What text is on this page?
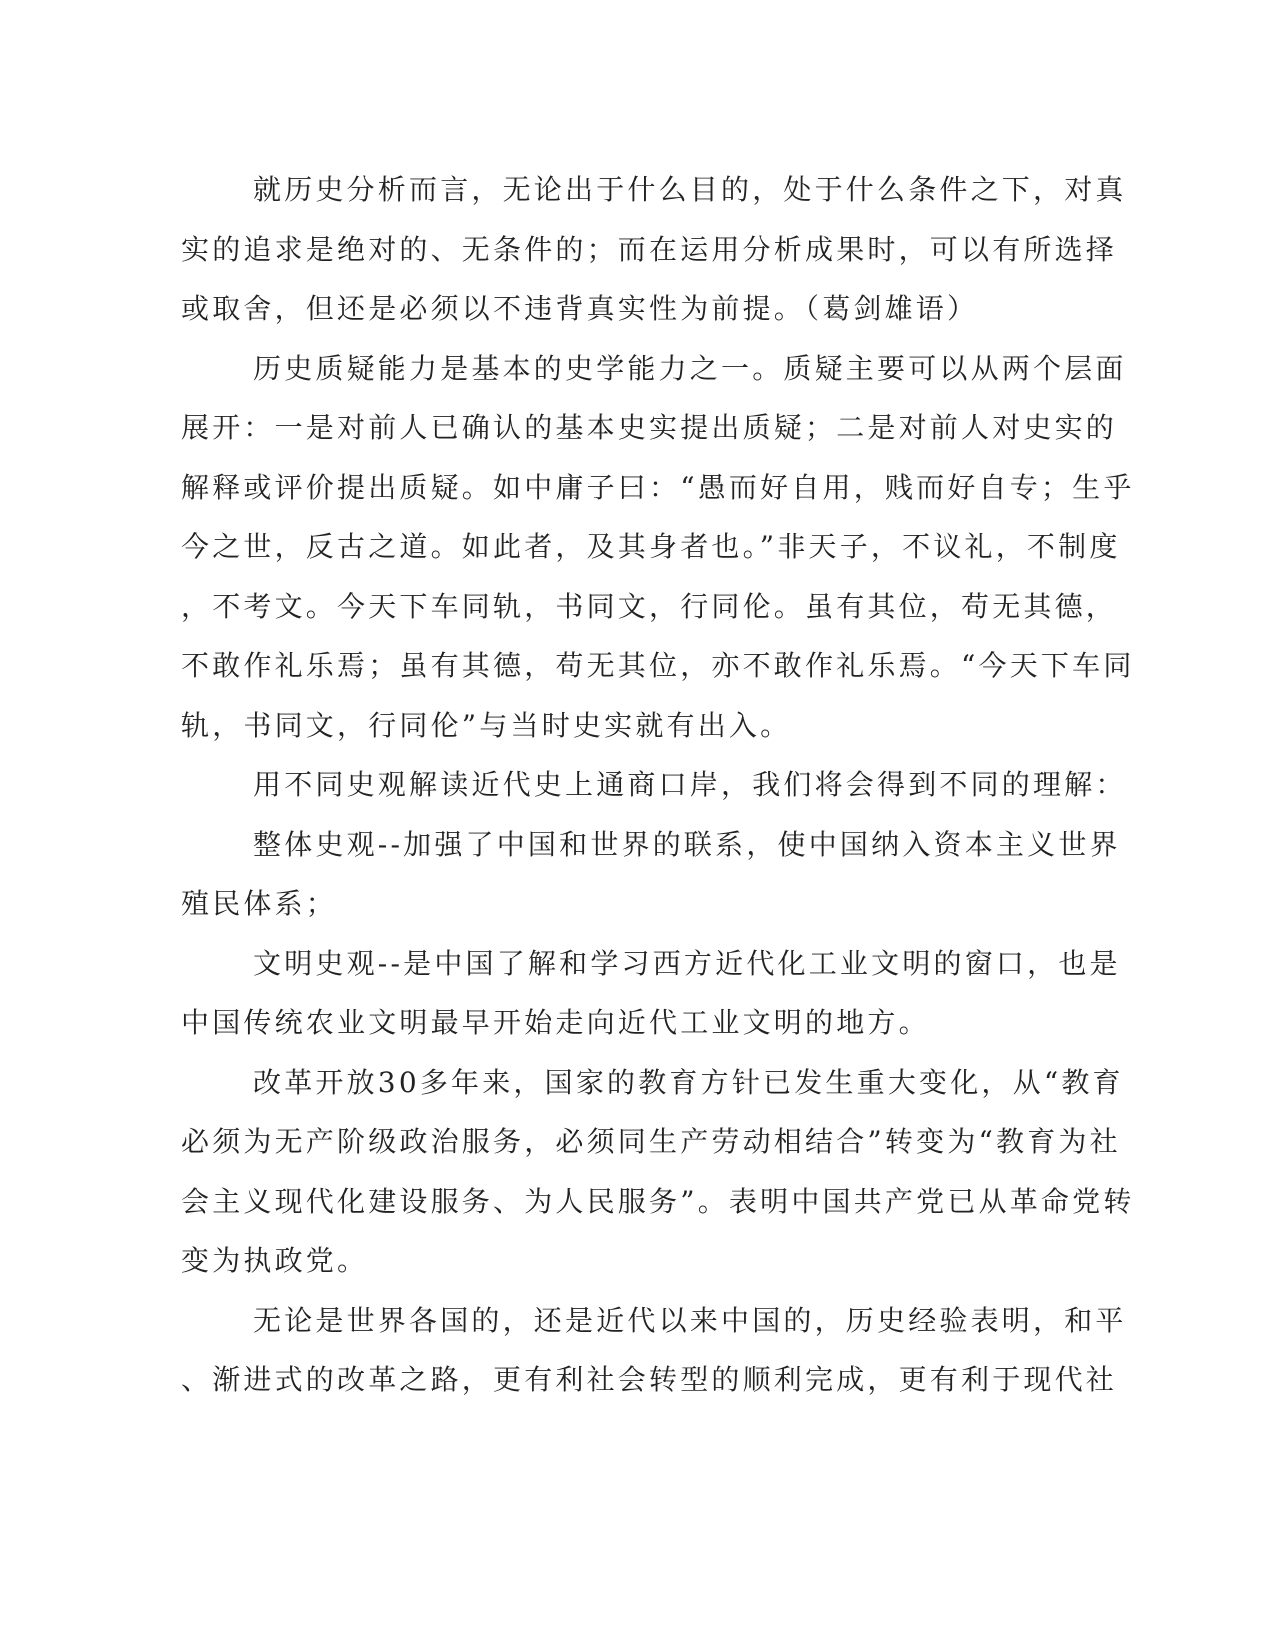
就历史分析而言，无论出于什么目的，处于什么条件之下，对真
实的追求是绝对的、无条件的；而在运用分析成果时，可以有所选择
或取舍，但还是必须以不违背真实性为前提。（葛剑雄语）
历史质疑能力是基本的史学能力之一。质疑主要可以从两个层面
展开：一是对前人已确认的基本史实提出质疑；二是对前人对史实的
解释或评价提出质疑。如中庸子曰：“愚而好自用，贱而好自专；生乎
今之世，反古之道。如此者，及其身者也。”非天子，不议礼，不制度
，不考文。今天下车同轨，书同文，行同伦。虽有其位，苟无其德，
不敢作礼乐焉；虽有其德，苟无其位，亦不敢作礼乐焉。“今天下车同
轨，书同文，行同伦”与当时史实就有出入。
用不同史观解读近代史上通商口岸，我们将会得到不同的理解：
整体史观--加强了中国和世界的联系，使中国纳入资本主义世界
殖民体系；
文明史观--是中国了解和学习西方近代化工业文明的窗口，也是
中国传统农业文明最早开始走向近代工业文明的地方。
改革开放30多年来，国家的教育方针已发生重大变化，从“教育
必须为无产阶级政治服务，必须同生产劳动相结合”转变为“教育为社
会主义现代化建设服务、为人民服务”。表明中国共产党已从革命党转
变为执政党。
无论是世界各国的，还是近代以来中国的，历史经验表明，和平
、渐进式的改革之路，更有利社会转型的顺利完成，更有利于现代社
